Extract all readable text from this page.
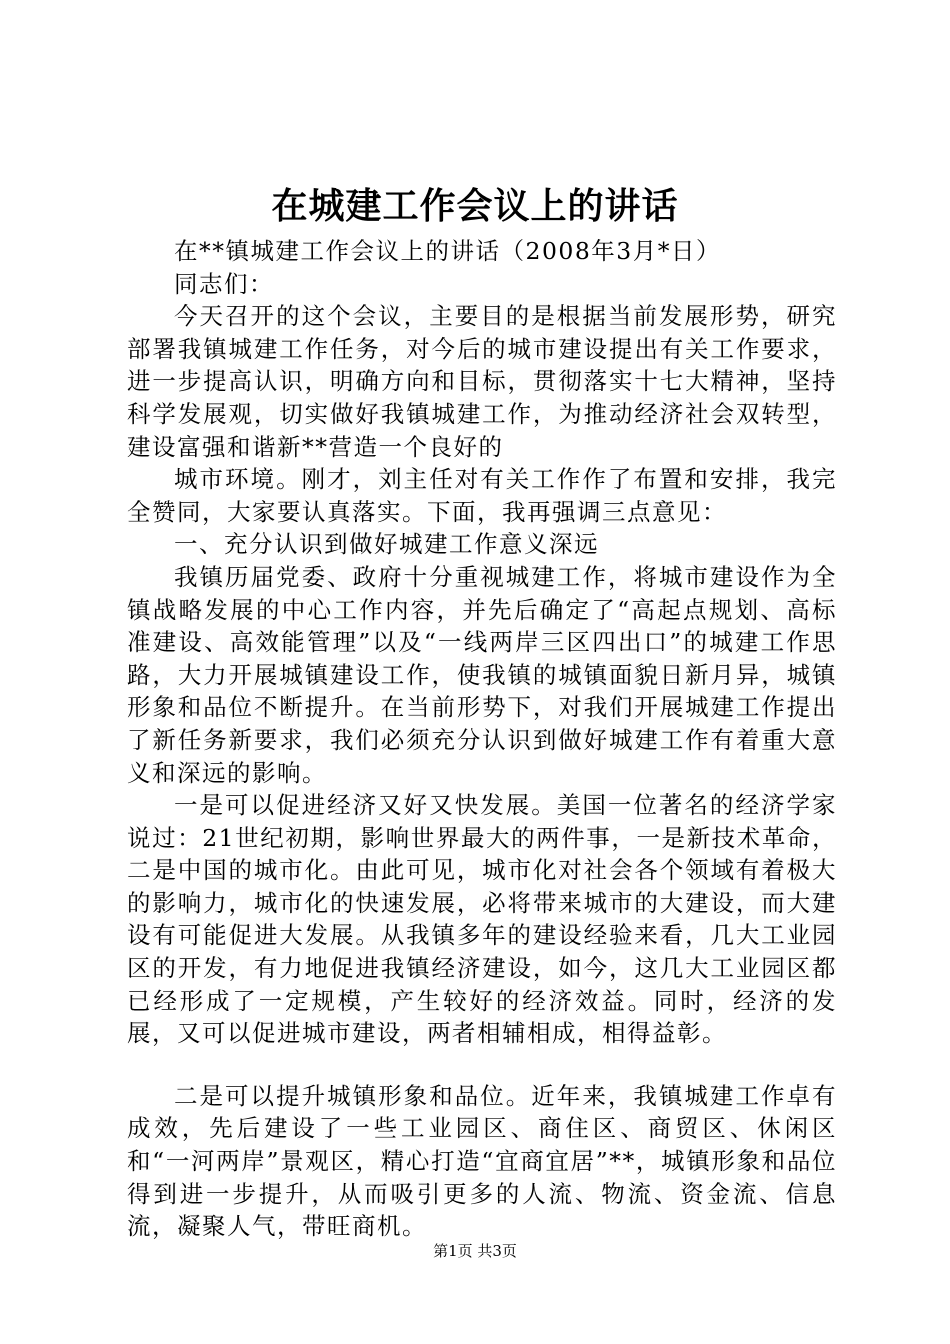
在城建工作会议上的讲话

在**镇城建工作会议上的讲话（2008年3月*日）

同志们：

今天召开的这个会议，主要目的是根据当前发展形势，研究部署我镇城建工作任务，对今后的城市建设提出有关工作要求，进一步提高认识，明确方向和目标，贯彻落实十七大精神，坚持科学发展观，切实做好我镇城建工作，为推动经济社会双转型，建设富强和谐新**营造一个良好的

城市环境。刚才，刘主任对有关工作作了布置和安排，我完全赞同，大家要认真落实。下面，我再强调三点意见：

一、充分认识到做好城建工作意义深远

我镇历届党委、政府十分重视城建工作，将城市建设作为全镇战略发展的中心工作内容，并先后确定了“高起点规划、高标准建设、高效能管理”以及“一线两岸三区四出口”的城建工作思路，大力开展城镇建设工作，使我镇的城镇面貌日新月异，城镇形象和品位不断提升。在当前形势下，对我们开展城建工作提出了新任务新要求，我们必须充分认识到做好城建工作有着重大意义和深远的影响。

一是可以促进经济又好又快发展。美国一位著名的经济学家说过：21世纪初期，影响世界最大的两件事，一是新技术革命，二是中国的城市化。由此可见，城市化对社会各个领域有着极大的影响力，城市化的快速发展，必将带来城市的大建设，而大建设有可能促进大发展。从我镇多年的建设经验来看，几大工业园区的开发，有力地促进我镇经济建设，如今，这几大工业园区都已经形成了一定规模，产生较好的经济效益。同时，经济的发展，又可以促进城市建设，两者相辅相成，相得益彰。

二是可以提升城镇形象和品位。近年来，我镇城建工作卓有成效，先后建设了一些工业园区、商住区、商贸区、休闲区和“一河两岸”景观区，精心打造“宜商宜居”**，城镇形象和品位得到进一步提升，从而吸引更多的人流、物流、资金流、信息流，凝聚人气，带旺商机。

第1页 共3页
